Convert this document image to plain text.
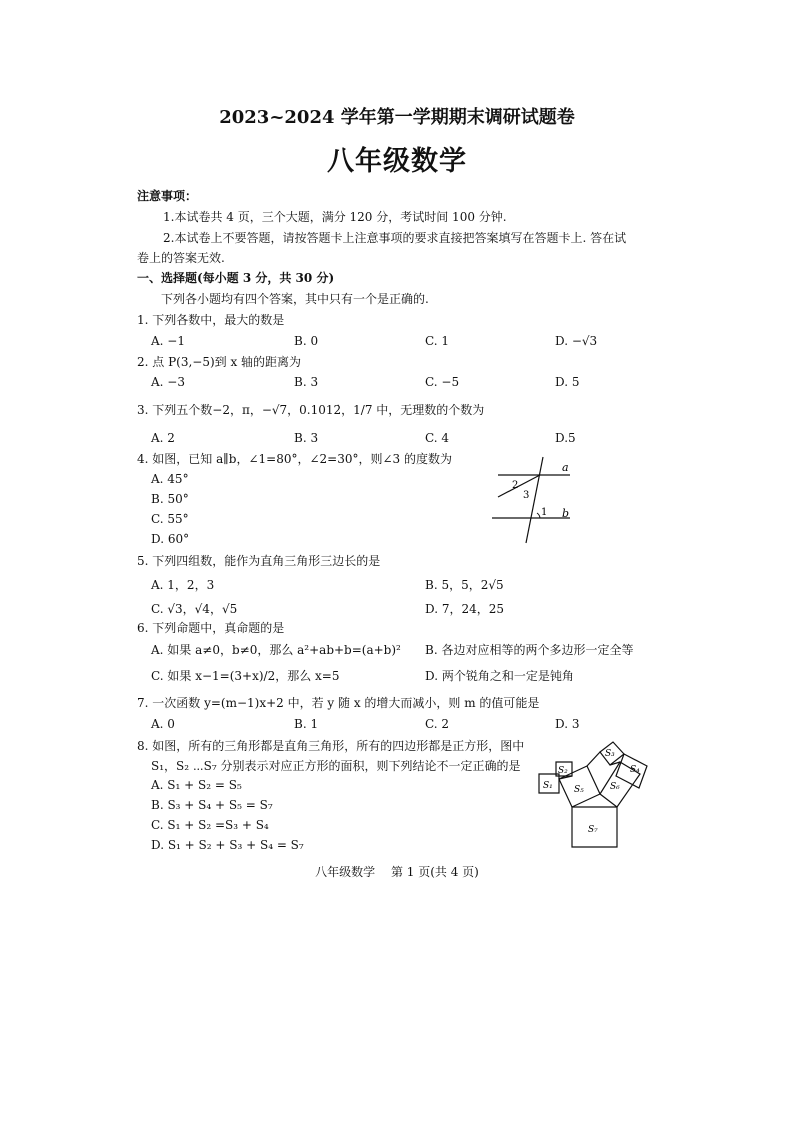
2023~2024 学年第一学期期末调研试题卷
八年级数学
注意事项：
1.本试卷共 4 页，三个大题，满分 120 分，考试时间 100 分钟.
2.本试卷上不要答题，请按答题卡上注意事项的要求直接把答案填写在答题卡上. 答在试
卷上的答案无效.
一、选择题(每小题 3 分，共 30 分)
下列各小题均有四个答案，其中只有一个是正确的.
1. 下列各数中，最大的数是
A. −1	B. 0	C. 1	D. −√3
2. 点 P(3,−5)到 x 轴的距离为
A. −3	B. 3	C. −5	D. 5
3. 下列五个数−2，π，−√7，0.1012̇，1/7 中，无理数的个数为
A. 2	B. 3	C. 4	D.5
4. 如图，已知 a∥b，∠1=80°，∠2=30°，则∠3 的度数为
A. 45°
B. 50°
C. 55°
D. 60°
a
b
1
2
3
5. 下列四组数，能作为直角三角形三边长的是
A. 1，2，3	B. 5，5，2√5
C. √3，√4，√5	D. 7，24，25
6. 下列命题中，真命题的是
A. 如果 a≠0，b≠0，那么 a²+ab+b=(a+b)² B. 各边对应相等的两个多边形一定全等
C. 如果 x−1=(3+x)/2，那么 x=5	D. 两个锐角之和一定是钝角
7. 一次函数 y=(m−1)x+2 中，若 y 随 x 的增大而减小，则 m 的值可能是
A. 0	B. 1	C. 2	D. 3
8. 如图，所有的三角形都是直角三角形，所有的四边形都是正方形，图中
S₁，S₂ ⋯S₇ 分别表示对应正方形的面积，则下列结论不一定正确的是
A. S₁ + S₂ = S₅
B. S₃ + S₄ + S₅ = S₇
C. S₁ + S₂ =S₃ + S₄
D. S₁ + S₂ + S₃ + S₄ = S₇
S₁
S₂
S₃
S₄
S₅	S₆
S₇
八年级数学　 第 1 页(共 4 页)
